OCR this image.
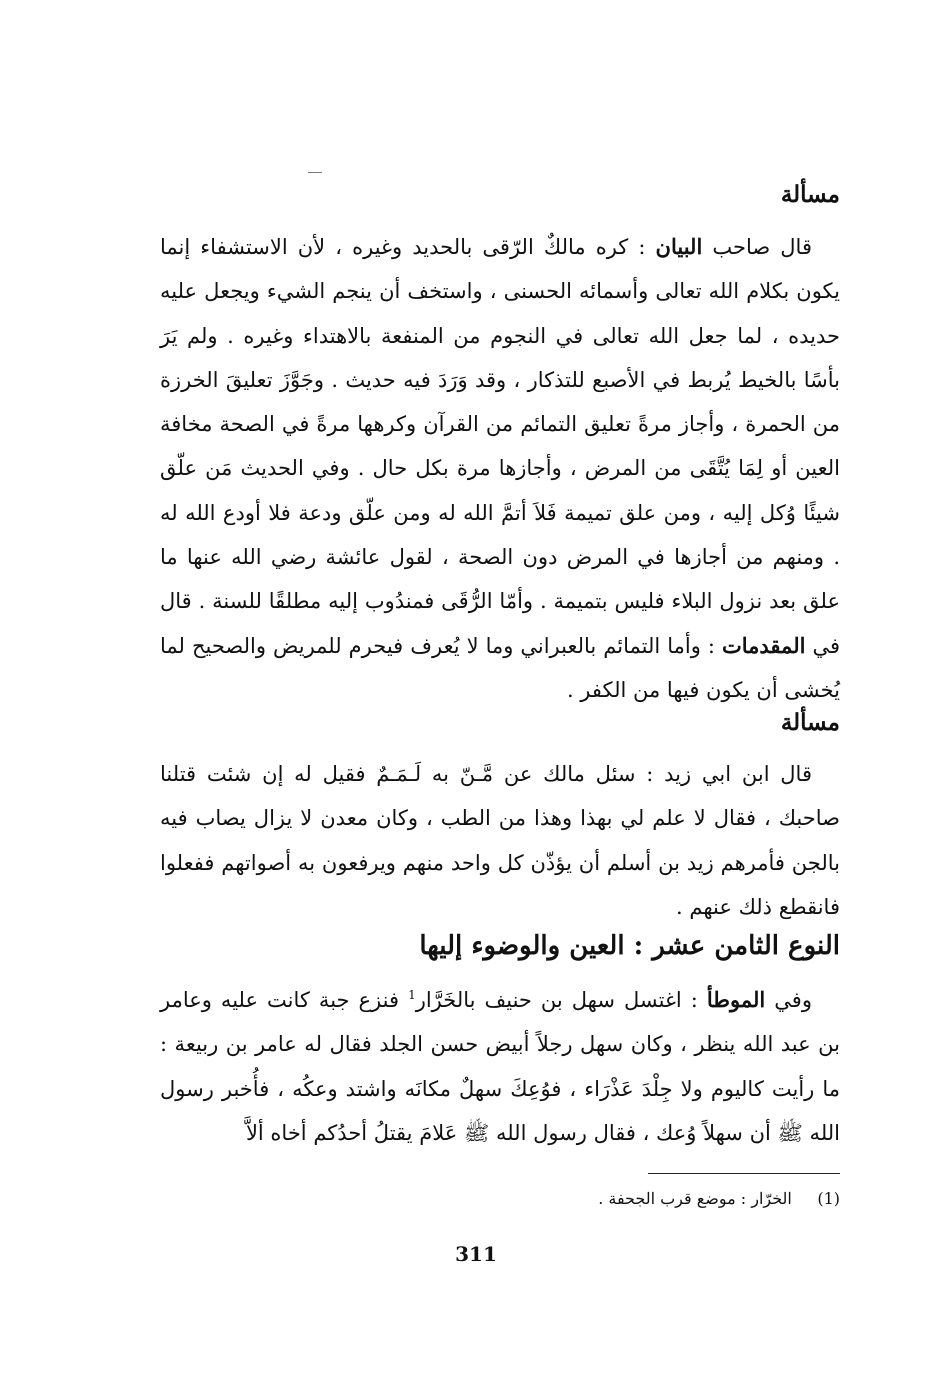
مسألة

قال صاحب البيان : كره مالكٌ الرّقى بالحديد وغيره ، لأن الاستشفاء إنما يكون بكلام الله تعالى وأسمائه الحسنى ، واستخف أن ينجم الشيء ويجعل عليه حديده ، لما جعل الله تعالى في النجوم من المنفعة بالاهتداء وغيره . ولم يَرَ بأسًا بالخيط يُربط في الأصبع للتذكار ، وقد وَرَدَ فيه حديث . وجَوَّزَ تعليقَ الخرزة من الحمرة ، وأجاز مرةً تعليق التمائم من القرآن وكرهها مرةً في الصحة مخافة العين أو لِمَا يُتَّقَى من المرض ، وأجازها مرة بكل حال . وفي الحديث مَن علّق شيئًا وُكل إليه ، ومن علق تميمة فَلاَ أتمَّ الله له ومن علّق ودعة فلا أودع الله له . ومنهم من أجازها في المرض دون الصحة ، لقول عائشة رضي الله عنها ما علق بعد نزول البلاء فليس بتميمة . وأمّا الرُّقَى فمندُوب إليه مطلقًا للسنة . قال في المقدمات : وأما التمائم بالعبراني وما لا يُعرف فيحرم للمريض والصحيح لما يُخشى أن يكون فيها من الكفر .

مسألة

قال ابن ابي زيد : سئل مالك عن مَّـنّ به لَـمَـمٌ فقيل له إن شئت قتلنا صاحبك ، فقال لا علم لي بهذا وهذا من الطب ، وكان معدن لا يزال يصاب فيه بالجن فأمرهم زيد بن أسلم أن يؤذّن كل واحد منهم ويرفعون به أصواتهم ففعلوا فانقطع ذلك عنهم .

النوع الثامن عشر : العين والوضوء إليها

وفي الموطأ : اغتسل سهل بن حنيف بالخَرَّار$^1$ فنزع جبة كانت عليه وعامر بن عبد الله ينظر ، وكان سهل رجلاً أبيض حسن الجلد فقال له عامر بن ربيعة : ما رأيت كاليوم ولا جِلْدَ عَذْرَاء ، فوُعِكَ سهلٌ مكانَه واشتد وعكُه ، فأُخبر رسول الله ﷺ أن سهلاً وُعك ، فقال رسول الله ﷺ عَلامَ يقتلُ أحدُكم أخاه ألاَّ

(1)     الخرّار : موضع قرب الجحفة .
311
